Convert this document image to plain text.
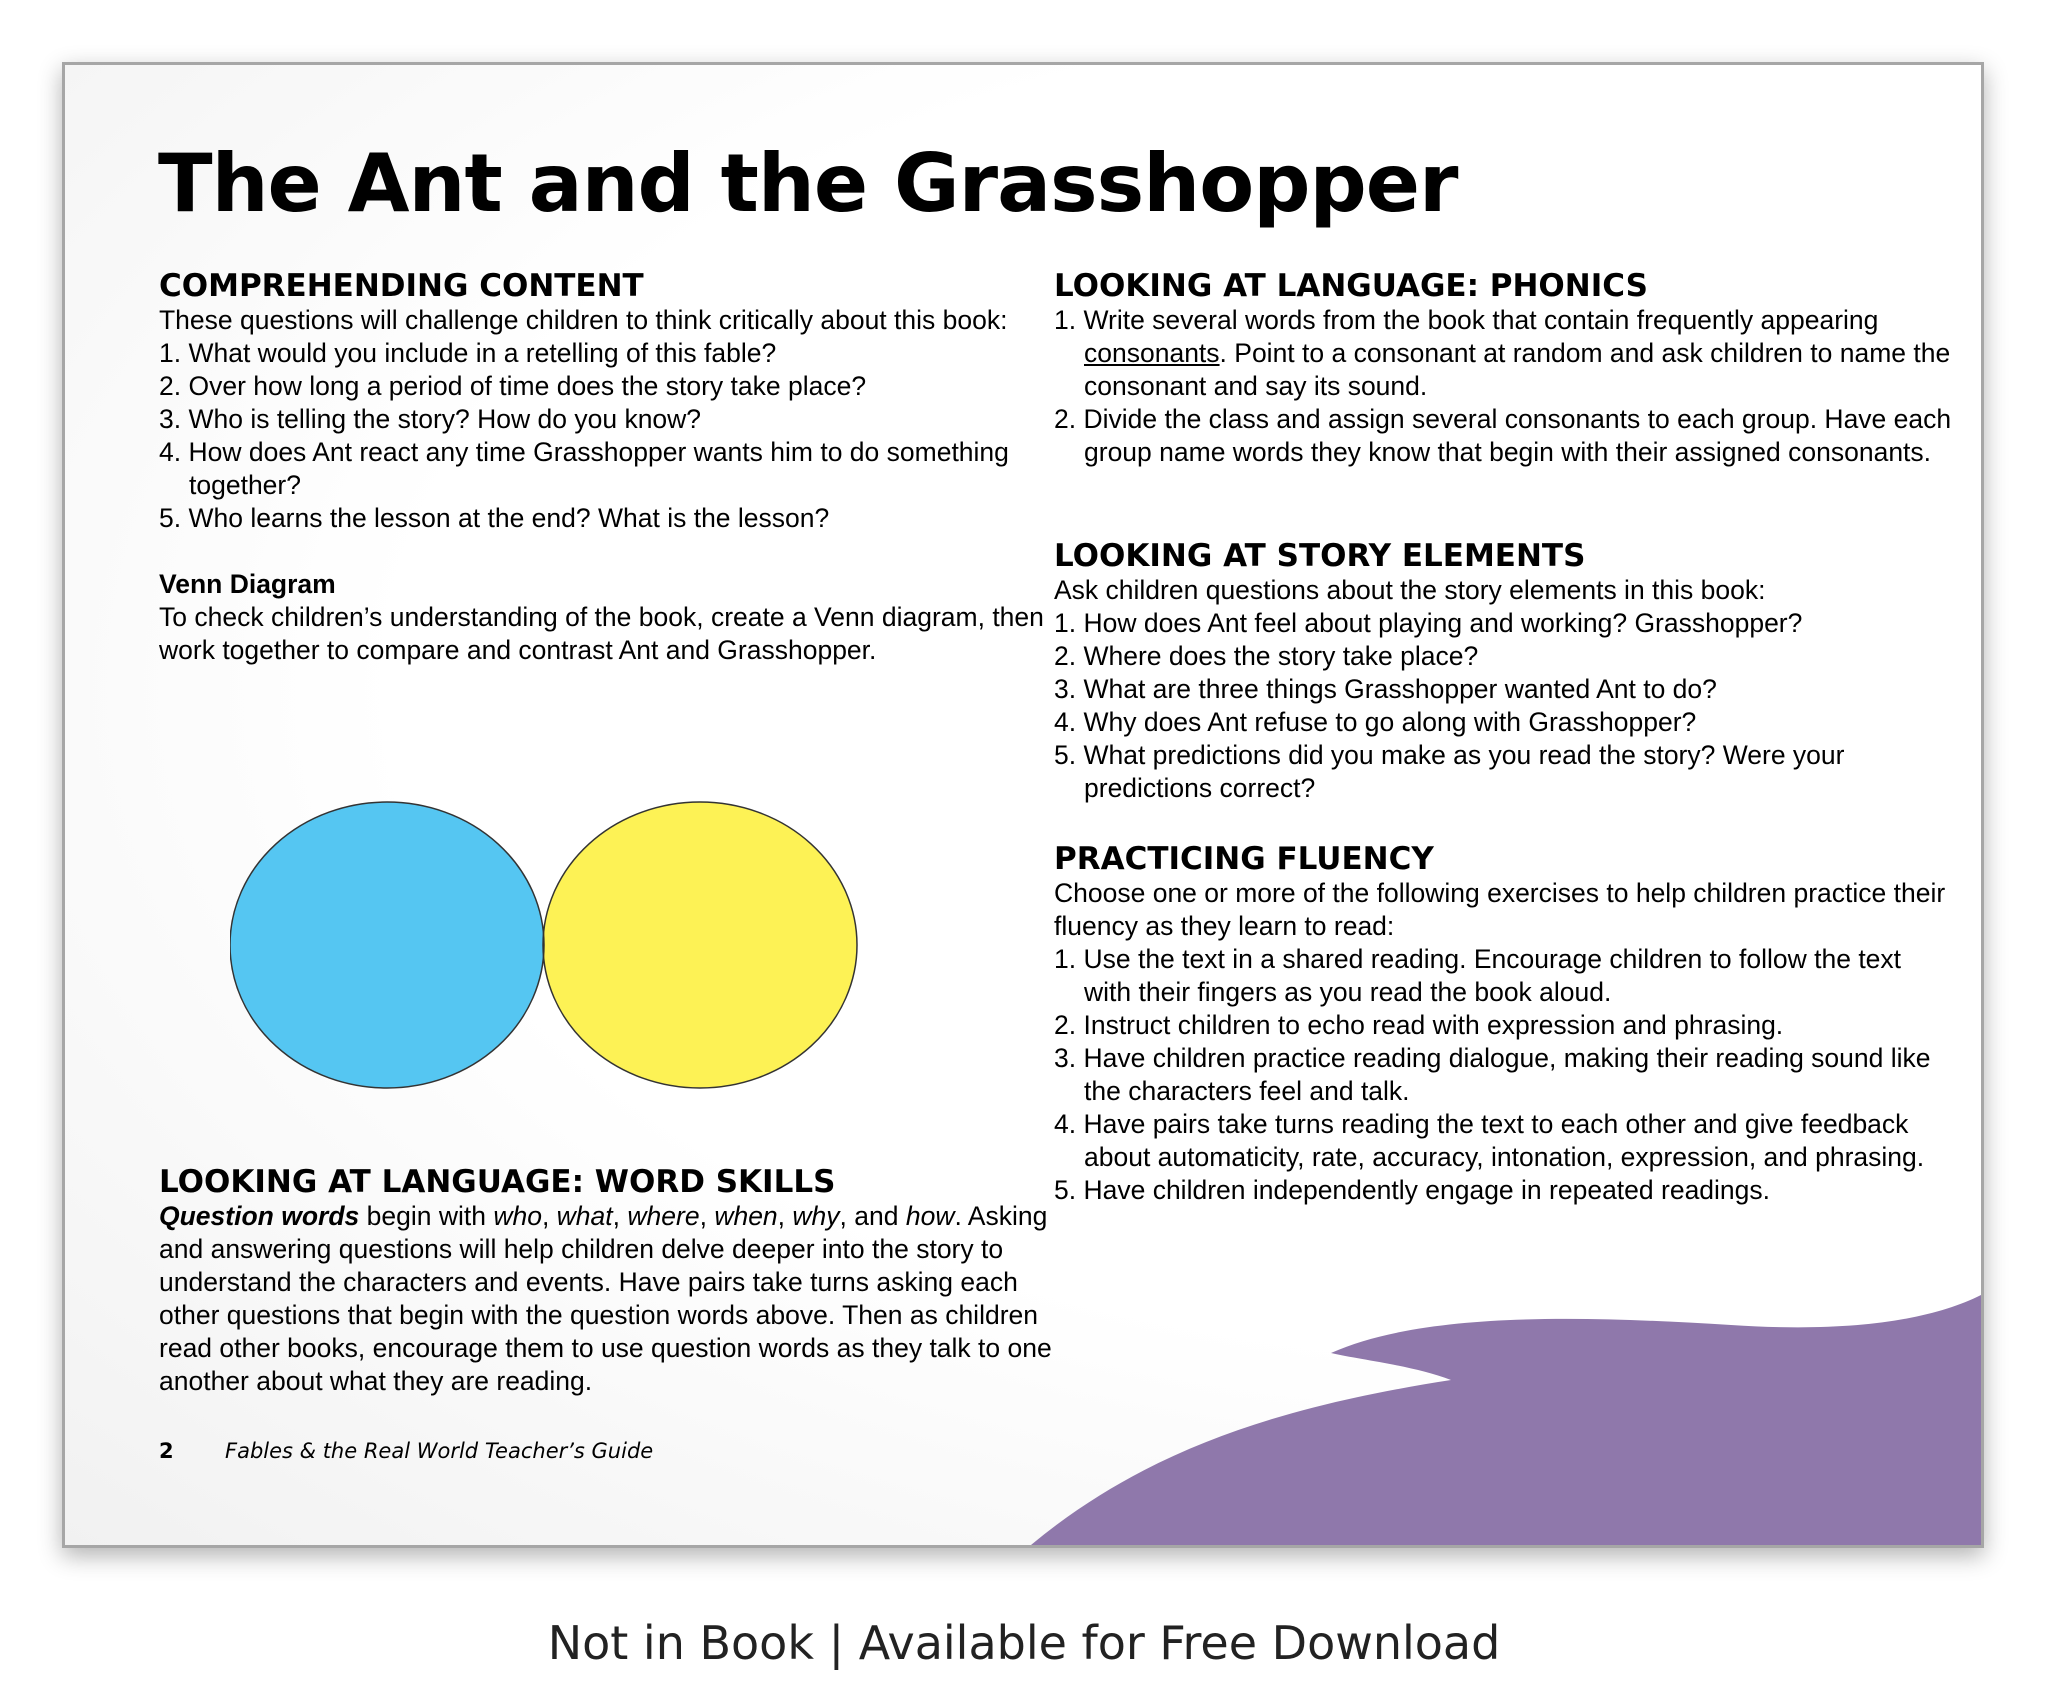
The Ant and the Grasshopper
COMPREHENDING CONTENT

These questions will challenge children to think critically about this book:

1. What would you include in a retelling of this fable?
2. Over how long a period of time does the story take place?
3. Who is telling the story? How do you know?
4. How does Ant react any time Grasshopper wants him to do something together?
5. Who learns the lesson at the end? What is the lesson?
Venn Diagram

To check children’s understanding of the book, create a Venn diagram, then work together to compare and contrast Ant and Grasshopper.

LOOKING AT LANGUAGE: WORD SKILLS

Question words begin with who, what, where, when, why, and how. Asking and answering questions will help children delve deeper into the story to understand the characters and events. Have pairs take turns asking each other questions that begin with the question words above. Then as children read other books, encourage them to use question words as they talk to one another about what they are reading.

LOOKING AT LANGUAGE: PHONICS
1. Write several words from the book that contain frequently appearing consonants. Point to a consonant at random and ask children to name the consonant and say its sound.
2. Divide the class and assign several consonants to each group. Have each group name words they know that begin with their assigned consonants.
LOOKING AT STORY ELEMENTS

Ask children questions about the story elements in this book:

1. How does Ant feel about playing and working? Grasshopper?
2. Where does the story take place?
3. What are three things Grasshopper wanted Ant to do?
4. Why does Ant refuse to go along with Grasshopper?
5. What predictions did you make as you read the story? Were your predictions correct?
PRACTICING FLUENCY

Choose one or more of the following exercises to help children practice their fluency as they learn to read:

1. Use the text in a shared reading. Encourage children to follow the text with their fingers as you read the book aloud.
2. Instruct children to echo read with expression and phrasing.
3. Have children practice reading dialogue, making their reading sound like the characters feel and talk.
4. Have pairs take turns reading the text to each other and give feedback about automaticity, rate, accuracy, intonation, expression, and phrasing.
5. Have children independently engage in repeated readings.
2 Fables & the Real World Teacher’s Guide

Not in Book | Available for Free Download
